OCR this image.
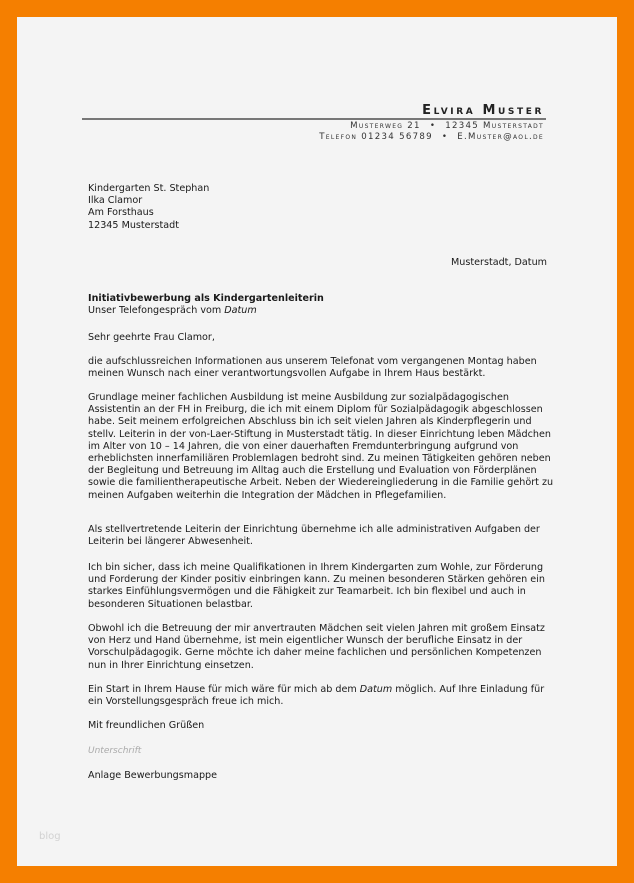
Elvira Muster
Musterweg 21 • 12345 Musterstadt
Telefon 01234 56789 • E.Muster@aol.de
Kindergarten St. Stephan
Ilka Clamor
Am Forsthaus
12345 Musterstadt
Musterstadt, Datum
Initiativbewerbung als Kindergartenleiterin
Unser Telefongespräch vom Datum
Sehr geehrte Frau Clamor,
die aufschlussreichen Informationen aus unserem Telefonat vom vergangenen Montag haben meinen Wunsch nach einer verantwortungsvollen Aufgabe in Ihrem Haus bestärkt.
Grundlage meiner fachlichen Ausbildung ist meine Ausbildung zur sozialpädagogischen Assistentin an der FH in Freiburg, die ich mit einem Diplom für Sozialpädagogik abgeschlossen habe. Seit meinem erfolgreichen Abschluss bin ich seit vielen Jahren als Kinderpflegerin und stellv. Leiterin in der von-Laer-Stiftung in Musterstadt tätig. In dieser Einrichtung leben Mädchen im Alter von 10 – 14 Jahren, die von einer dauerhaften Fremdunterbringung aufgrund von erheblichsten innerfamiliären Problemlagen bedroht sind. Zu meinen Tätigkeiten gehören neben der Begleitung und Betreuung im Alltag auch die Erstellung und Evaluation von Förderplänen sowie die familientherapeutische Arbeit. Neben der Wiedereingliederung in die Familie gehört zu meinen Aufgaben weiterhin die Integration der Mädchen in Pflegefamilien.
Als stellvertretende Leiterin der Einrichtung übernehme ich alle administrativen Aufgaben der Leiterin bei längerer Abwesenheit.
Ich bin sicher, dass ich meine Qualifikationen in Ihrem Kindergarten zum Wohle, zur Förderung und Forderung der Kinder positiv einbringen kann. Zu meinen besonderen Stärken gehören ein starkes Einfühlungsvermögen und die Fähigkeit zur Teamarbeit. Ich bin flexibel und auch in besonderen Situationen belastbar.
Obwohl ich die Betreuung der mir anvertrauten Mädchen seit vielen Jahren mit großem Einsatz von Herz und Hand übernehme, ist mein eigentlicher Wunsch der berufliche Einsatz in der Vorschulpädagogik. Gerne möchte ich daher meine fachlichen und persönlichen Kompetenzen nun in Ihrer Einrichtung einsetzen.
Ein Start in Ihrem Hause für mich wäre für mich ab dem Datum möglich. Auf Ihre Einladung für ein Vorstellungsgespräch freue ich mich.
Mit freundlichen Grüßen
Unterschrift
Anlage Bewerbungsmappe
blog
